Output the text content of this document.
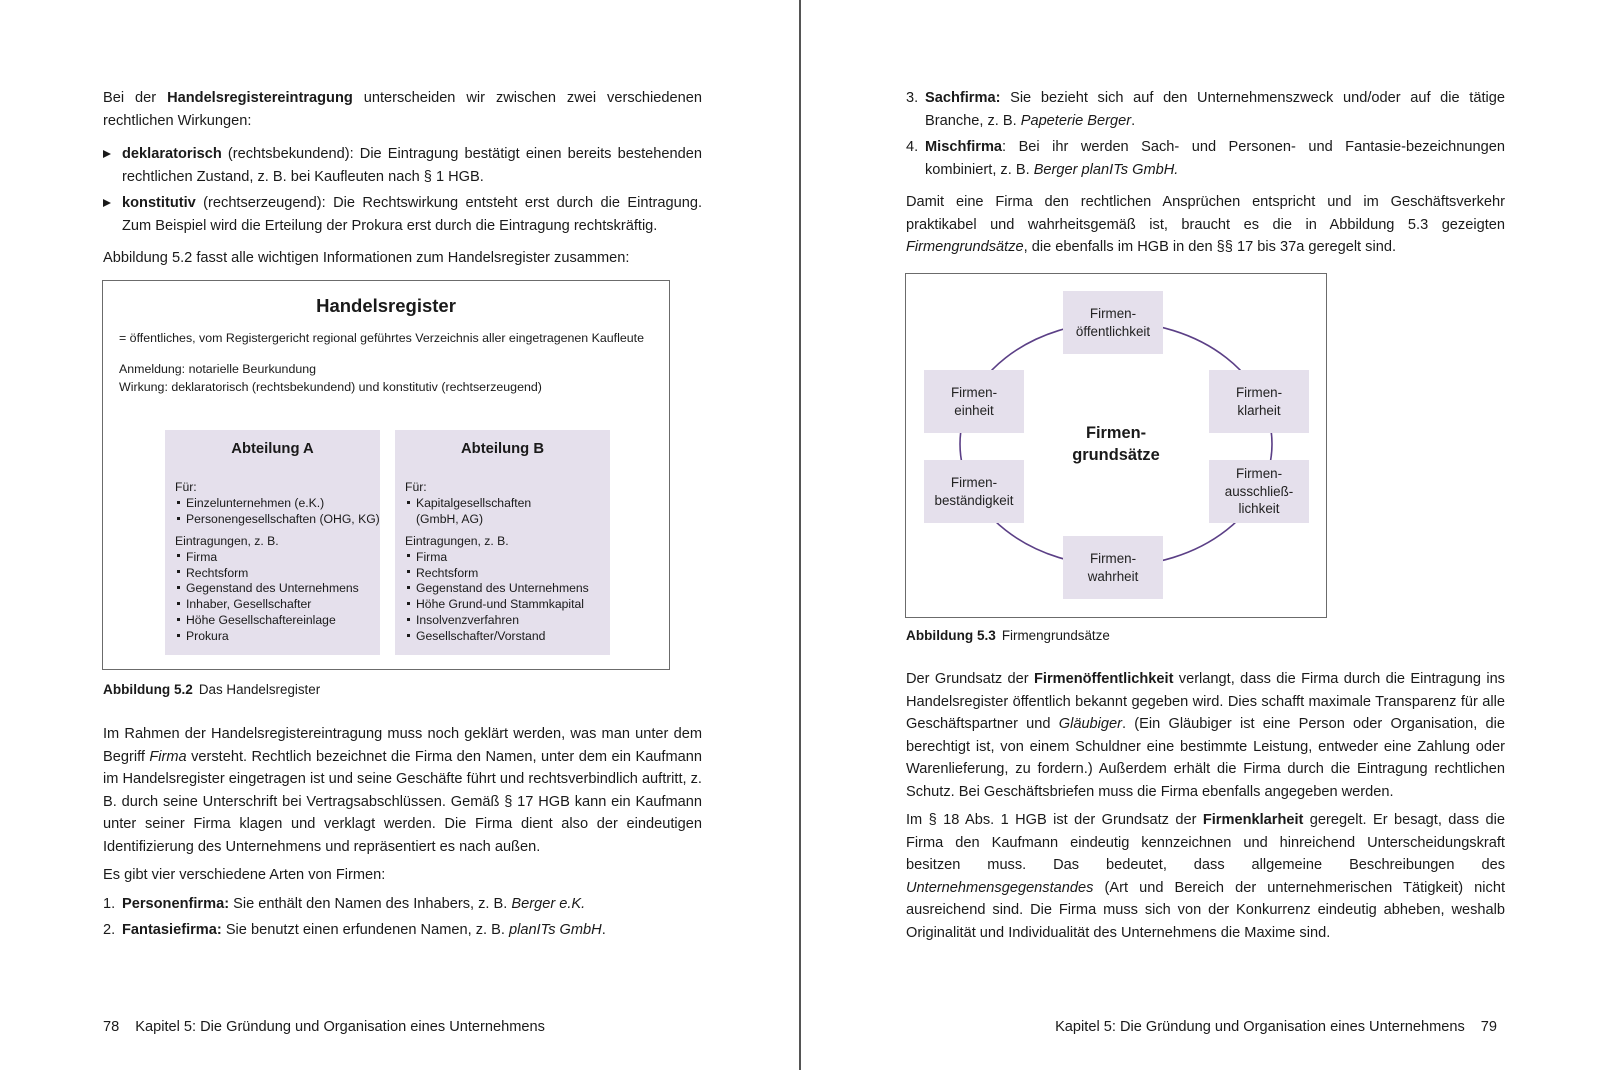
Bei der Handelsregistereintragung unterscheiden wir zwischen zwei verschiedenen rechtlichen Wirkungen:

deklaratorisch (rechtsbekundend): Die Eintragung bestätigt einen bereits bestehenden rechtlichen Zustand, z. B. bei Kaufleuten nach § 1 HGB.
konstitutiv (rechtserzeugend): Die Rechtswirkung entsteht erst durch die Eintragung. Zum Beispiel wird die Erteilung der Prokura erst durch die Eintragung rechtskräftig.

Abbildung 5.2 fasst alle wichtigen Informationen zum Handelsregister zusammen:

Handelsregister
= öffentliches, vom Registergericht regional geführtes Verzeichnis aller eingetragenen Kaufleute
Anmeldung: notarielle Beurkundung
Wirkung: deklaratorisch (rechtsbekundend) und konstitutiv (rechtserzeugend)
Abteilung A
Für:
Einzelunternehmen (e.K.)
Personengesellschaften (OHG, KG)
Eintragungen, z. B.
Firma
Rechtsform
Gegenstand des Unternehmens
Inhaber, Gesellschafter
Höhe Gesellschaftereinlage
Prokura
Abteilung B
Für:
Kapitalgesellschaften
(GmbH, AG)
Eintragungen, z. B.
Firma
Rechtsform
Gegenstand des Unternehmens
Höhe Grund-und Stammkapital
Insolvenzverfahren
Gesellschafter/Vorstand
Abbildung 5.2 Das Handelsregister

Im Rahmen der Handelsregistereintragung muss noch geklärt werden, was man unter dem Begriff Firma versteht. Rechtlich bezeichnet die Firma den Namen, unter dem ein Kaufmann im Handelsregister eingetragen ist und seine Geschäfte führt und rechtsverbindlich auftritt, z. B. durch seine Unterschrift bei Vertragsabschlüssen. Gemäß § 17 HGB kann ein Kaufmann unter seiner Firma klagen und verklagt werden. Die Firma dient also der eindeutigen Identifizierung des Unternehmens und repräsentiert es nach außen.

Es gibt vier verschiedene Arten von Firmen:

1. Personenfirma: Sie enthält den Namen des Inhabers, z. B. Berger e.K.
2. Fantasiefirma: Sie benutzt einen erfundenen Namen, z. B. planITs GmbH.
78 Kapitel 5: Die Gründung und Organisation eines Unternehmens
3. Sachfirma: Sie bezieht sich auf den Unternehmenszweck und/oder auf die tätige Branche, z. B. Papeterie Berger.
4. Mischfirma: Bei ihr werden Sach- und Personen- und Fantasie-bezeichnungen kombiniert, z. B. Berger planITs GmbH.

Damit eine Firma den rechtlichen Ansprüchen entspricht und im Geschäftsverkehr praktikabel und wahrheitsgemäß ist, braucht es die in Abbildung 5.3 gezeigten Firmengrundsätze, die ebenfalls im HGB in den §§ 17 bis 37a geregelt sind.

Firmen-
öffentlichkeit
Firmen-
klarheit
Firmen-
ausschließ-
lichkeit
Firmen-
wahrheit
Firmen-
beständigkeit
Firmen-
einheit
Firmen-
grundsätze
Abbildung 5.3 Firmengrundsätze

Der Grundsatz der Firmenöffentlichkeit verlangt, dass die Firma durch die Eintragung ins Handelsregister öffentlich bekannt gegeben wird. Dies schafft maximale Transparenz für alle Geschäftspartner und Gläubiger. (Ein Gläubiger ist eine Person oder Organisation, die berechtigt ist, von einem Schuldner eine bestimmte Leistung, entweder eine Zahlung oder Warenlieferung, zu fordern.) Außerdem erhält die Firma durch die Eintragung rechtlichen Schutz. Bei Geschäftsbriefen muss die Firma ebenfalls angegeben werden.

Im § 18 Abs. 1 HGB ist der Grundsatz der Firmenklarheit geregelt. Er besagt, dass die Firma den Kaufmann eindeutig kennzeichnen und hinreichend Unterscheidungskraft besitzen muss. Das bedeutet, dass allgemeine Beschreibungen des Unternehmensgegenstandes (Art und Bereich der unternehmerischen Tätigkeit) nicht ausreichend sind. Die Firma muss sich von der Konkurrenz eindeutig abheben, weshalb Originalität und Individualität des Unternehmens die Maxime sind.

Kapitel 5: Die Gründung und Organisation eines Unternehmens 79
